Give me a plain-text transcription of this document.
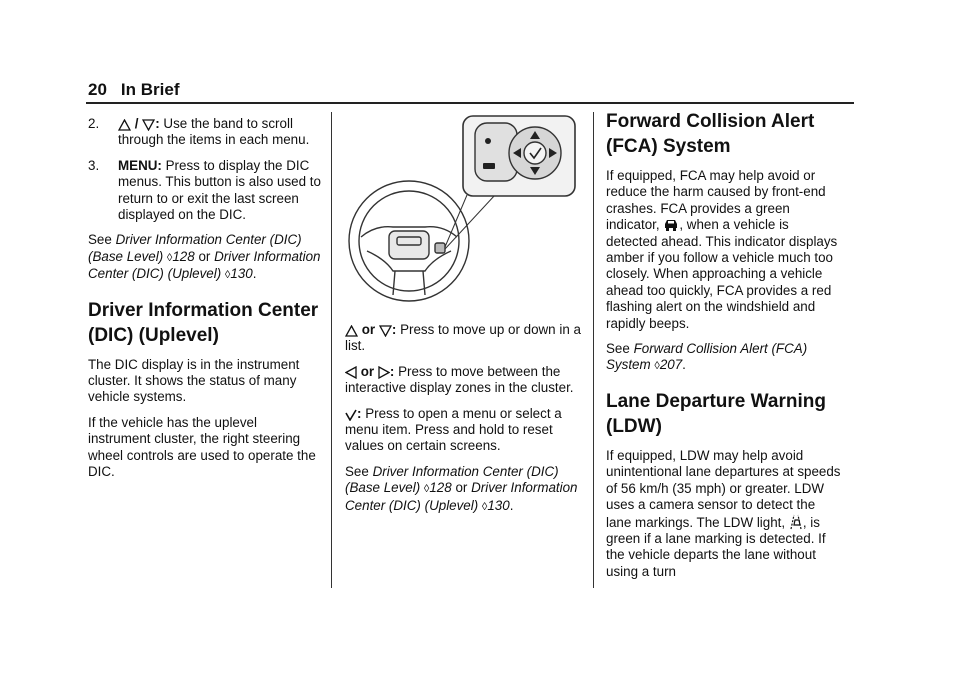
20 In Brief
2.	/ : Use the band to scroll through the items in each menu.
3.	MENU: Press to display the DIC menus. This button is also used to return to or exit the last screen displayed on the DIC.

See Driver Information Center (DIC) (Base Level) ◊128 or Driver Information Center (DIC) (Uplevel) ◊130.

Driver Information Center (DIC) (Uplevel)

The DIC display is in the instrument cluster. It shows the status of many vehicle systems.

If the vehicle has the uplevel instrument cluster, the right steering wheel controls are used to operate the DIC.

or : Press to move up or down in a list.

or : Press to move between the interactive display zones in the cluster.

: Press to open a menu or select a menu item. Press and hold to reset values on certain screens.

See Driver Information Center (DIC) (Base Level) ◊128 or Driver Information Center (DIC) (Uplevel) ◊130.

Forward Collision Alert (FCA) System

If equipped, FCA may help avoid or reduce the harm caused by front-end crashes. FCA provides a green indicator, , when a vehicle is detected ahead. This indicator displays amber if you follow a vehicle much too closely. When approaching a vehicle ahead too quickly, FCA provides a red flashing alert on the windshield and rapidly beeps.

See Forward Collision Alert (FCA) System ◊207.

Lane Departure Warning (LDW)

If equipped, LDW may help avoid unintentional lane departures at speeds of 56 km/h (35 mph) or greater. LDW uses a camera sensor to detect the lane markings. The LDW light, , is green if a lane marking is detected. If the vehicle departs the lane without using a turn
